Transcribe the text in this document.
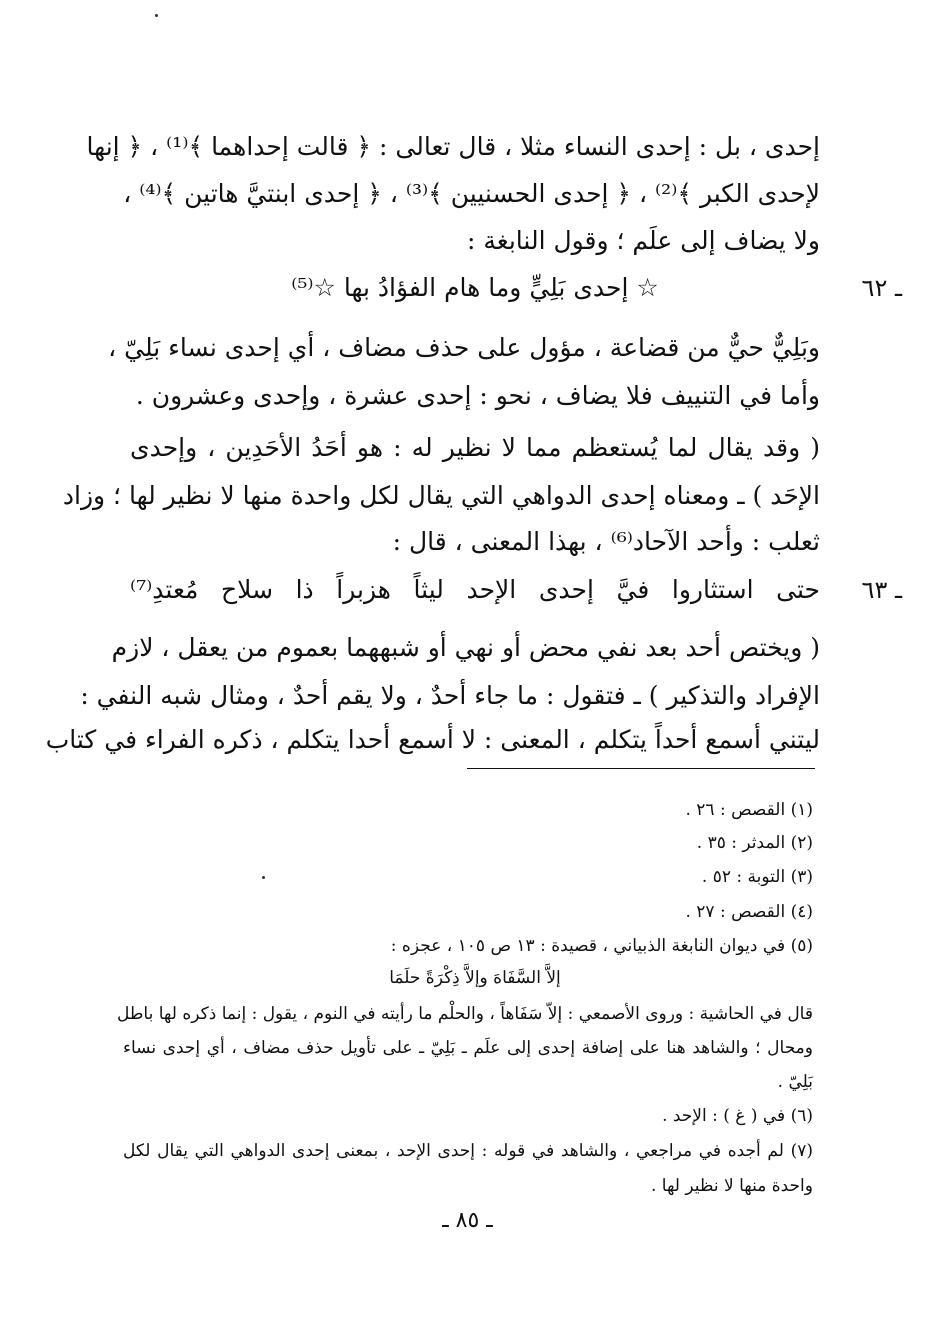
إحدى ، بل : إحدى النساء مثلا ، قال تعالى : ﴿ قالت إحداهما ﴾⁽¹⁾ ، ﴿ إنها
لإحدى الكبر ﴾⁽²⁾ ، ﴿ إحدى الحسنيين ﴾⁽³⁾ ، ﴿ إحدى ابنتيَّ هاتين ﴾⁽⁴⁾ ،
ولا يضاف إلى علَم ؛ وقول النابغة :
ـ ٦٢
☆ إحدى بَلِيٍّ وما هام الفؤادُ بها ☆⁽⁵⁾
وبَلِيٌّ حيٌّ من قضاعة ، مؤول على حذف مضاف ، أي إحدى نساء بَلِيّ ،
وأما في التنييف فلا يضاف ، نحو : إحدى عشرة ، وإحدى وعشرون .
( وقد يقال لما يُستعظم مما لا نظير له : هو أحَدُ الأحَدِين ، وإحدى
الإحَد ) ـ ومعناه إحدى الدواهي التي يقال لكل واحدة منها لا نظير لها ؛ وزاد
ثعلب : وأحد الآحاد⁽⁶⁾ ، بهذا المعنى ، قال :
ـ ٦٣
حتى استثاروا فيَّ إحدى الإحد ليثاً هزبراً ذا سلاح مُعتدِ⁽⁷⁾
( ويختص أحد بعد نفي محض أو نهي أو شبههما بعموم من يعقل ، لازم
الإفراد والتذكير ) ـ فتقول : ما جاء أحدٌ ، ولا يقم أحدٌ ، ومثال شبه النفي :
ليتني أسمع أحداً يتكلم ، المعنى : لا أسمع أحدا يتكلم ، ذكره الفراء في كتاب
(١) القصص : ٢٦ .
(٢) المدثر : ٣٥ .
(٣) التوبة : ٥٢ .
(٤) القصص : ٢٧ .
(٥) في ديوان النابغة الذبياني ، قصيدة : ١٣ ص ١٠٥ ، عجزه :
إلاَّ السَّفَاهَ وإلاَّ ذِكْرَةً حلَمَا
قال في الحاشية : وروى الأصمعي : إلاّ سَفَاهاً ، والحلْم ما رأيته في النوم ، يقول : إنما ذكره لها باطل
ومحال ؛ والشاهد هنا على إضافة إحدى إلى علَم ـ بَلِيّ ـ على تأويل حذف مضاف ، أي إحدى نساء
بَلِيّ .
(٦) في ( غ ) : الإحد .
(٧) لم أجده في مراجعي ، والشاهد في قوله : إحدى الإحد ، بمعنى إحدى الدواهي التي يقال لكل
واحدة منها لا نظير لها .
ـ ٨٥ ـ
